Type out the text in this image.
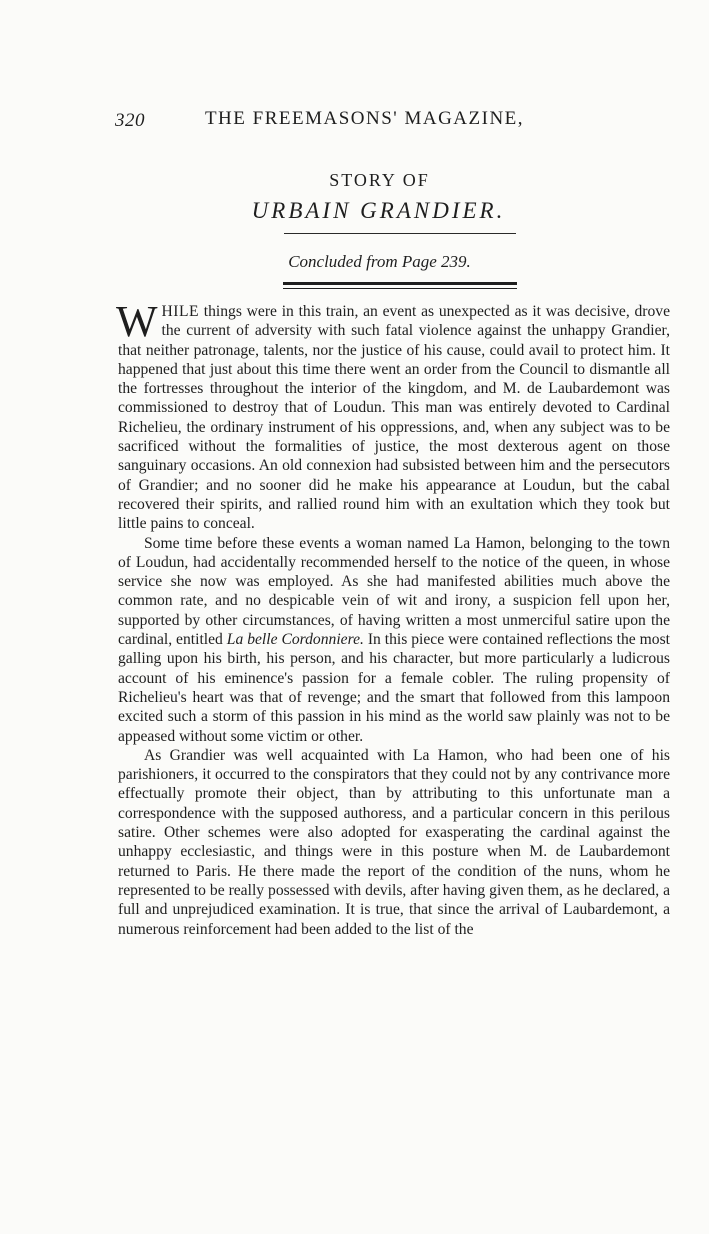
320	THE FREEMASONS' MAGAZINE,
STORY OF
URBAIN GRANDIER.
Concluded from Page 239.

WHILE things were in this train, an event as unexpected as it was decisive, drove the current of adversity with such fatal violence against the unhappy Grandier, that neither patronage, talents, nor the justice of his cause, could avail to protect him. It happened that just about this time there went an order from the Council to dismantle all the fortresses throughout the interior of the kingdom, and M. de Laubardemont was commissioned to destroy that of Loudun. This man was entirely devoted to Cardinal Richelieu, the ordinary instrument of his oppressions, and, when any subject was to be sacrificed without the formalities of justice, the most dexterous agent on those sanguinary occasions. An old connexion had subsisted between him and the persecutors of Grandier; and no sooner did he make his appearance at Loudun, but the cabal recovered their spirits, and rallied round him with an exultation which they took but little pains to conceal.

Some time before these events a woman named La Hamon, belonging to the town of Loudun, had accidentally recommended herself to the notice of the queen, in whose service she now was employed. As she had manifested abilities much above the common rate, and no despicable vein of wit and irony, a suspicion fell upon her, supported by other circumstances, of having written a most unmerciful satire upon the cardinal, entitled La belle Cordonniere. In this piece were contained reflections the most galling upon his birth, his person, and his character, but more particularly a ludicrous account of his eminence's passion for a female cobler. The ruling propensity of Richelieu's heart was that of revenge; and the smart that followed from this lampoon excited such a storm of this passion in his mind as the world saw plainly was not to be appeased without some victim or other.

As Grandier was well acquainted with La Hamon, who had been one of his parishioners, it occurred to the conspirators that they could not by any contrivance more effectually promote their object, than by attributing to this unfortunate man a correspondence with the supposed authoress, and a particular concern in this perilous satire. Other schemes were also adopted for exasperating the cardinal against the unhappy ecclesiastic, and things were in this posture when M. de Laubardemont returned to Paris. He there made the report of the condition of the nuns, whom he represented to be really possessed with devils, after having given them, as he declared, a full and unprejudiced examination. It is true, that since the arrival of Laubardemont, a numerous reinforcement had been added to the list of the
